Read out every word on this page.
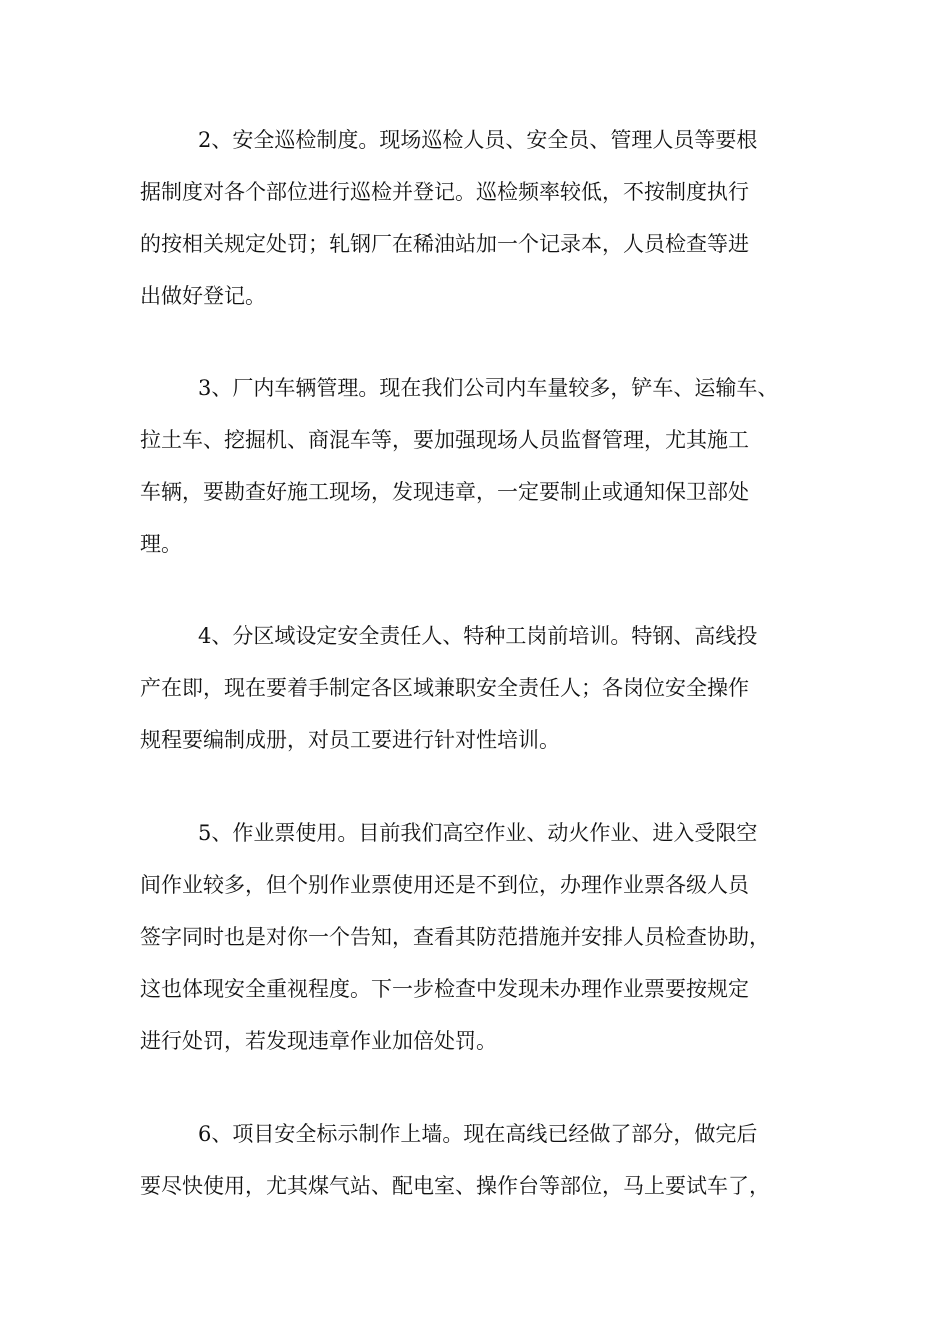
2、安全巡检制度。现场巡检人员、安全员、管理人员等要根
据制度对各个部位进行巡检并登记。巡检频率较低，不按制度执行
的按相关规定处罚；轧钢厂在稀油站加一个记录本，人员检查等进
出做好登记。
3、厂内车辆管理。现在我们公司内车量较多，铲车、运输车、
拉土车、挖掘机、商混车等，要加强现场人员监督管理，尤其施工
车辆，要勘查好施工现场，发现违章，一定要制止或通知保卫部处
理。
4、分区域设定安全责任人、特种工岗前培训。特钢、高线投
产在即，现在要着手制定各区域兼职安全责任人；各岗位安全操作
规程要编制成册，对员工要进行针对性培训。
5、作业票使用。目前我们高空作业、动火作业、进入受限空
间作业较多，但个别作业票使用还是不到位，办理作业票各级人员
签字同时也是对你一个告知，查看其防范措施并安排人员检查协助，
这也体现安全重视程度。下一步检查中发现未办理作业票要按规定
进行处罚，若发现违章作业加倍处罚。
6、项目安全标示制作上墙。现在高线已经做了部分，做完后
要尽快使用，尤其煤气站、配电室、操作台等部位，马上要试车了，
